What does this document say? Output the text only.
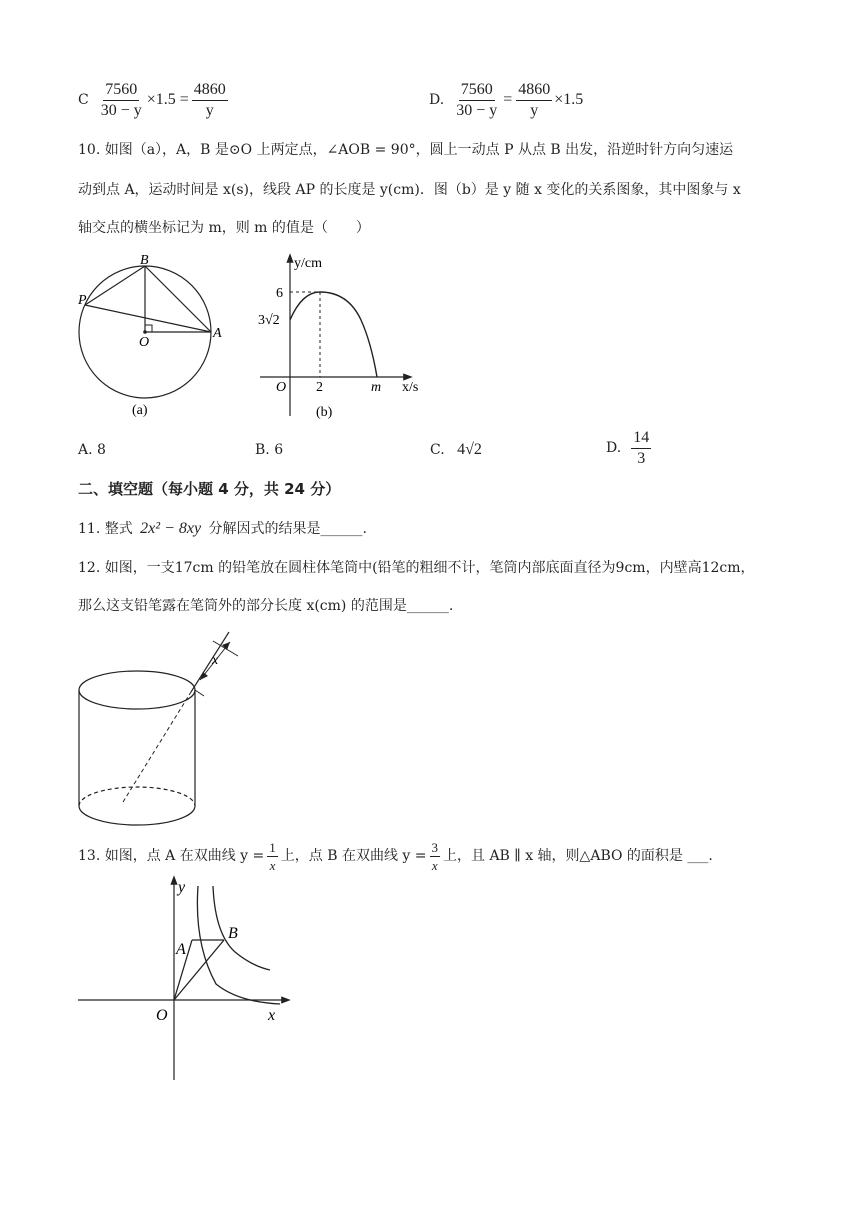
C $\frac{7560}{30 - y} \times 1.5 = \frac{4860}{y}$	D. $\frac{7560}{30 - y} = \frac{4860}{y} \times 1.5$
10. 如图（a），A，B 是⊙O 上两定点，∠AOB = 90°，圆上一动点 P 从点 B 出发，沿逆时针方向匀速运
动到点 A，运动时间是 x(s)，线段 AP 的长度是 y(cm)．图（b）是 y 随 x 变化的关系图象，其中图象与 x
轴交点的横坐标记为 m，则 m 的值是（　　）
B
P
A
O
(a)
y/cm
x/s
6
3√2
O 2	m
(b)
A. 8	B. 6	C. 4√2	D. $\frac{14}{3}$
二、填空题（每小题 4 分，共 24 分）
11. 整式 2x² − 8xy 分解因式的结果是______.
12. 如图，一支17cm 的铅笔放在圆柱体笔筒中(铅笔的粗细不计，笔筒内部底面直径为9cm，内壁高12cm，
那么这支铅笔露在笔筒外的部分长度 x(cm) 的范围是______.
x
13. 如图，点 A 在双曲线 $y = \frac{1}{x}$ 上，点 B 在双曲线 $y = \frac{3}{x}$ 上，且 AB ∥ x 轴，则△ABO 的面积是 ___.
y
x
O
A
B
